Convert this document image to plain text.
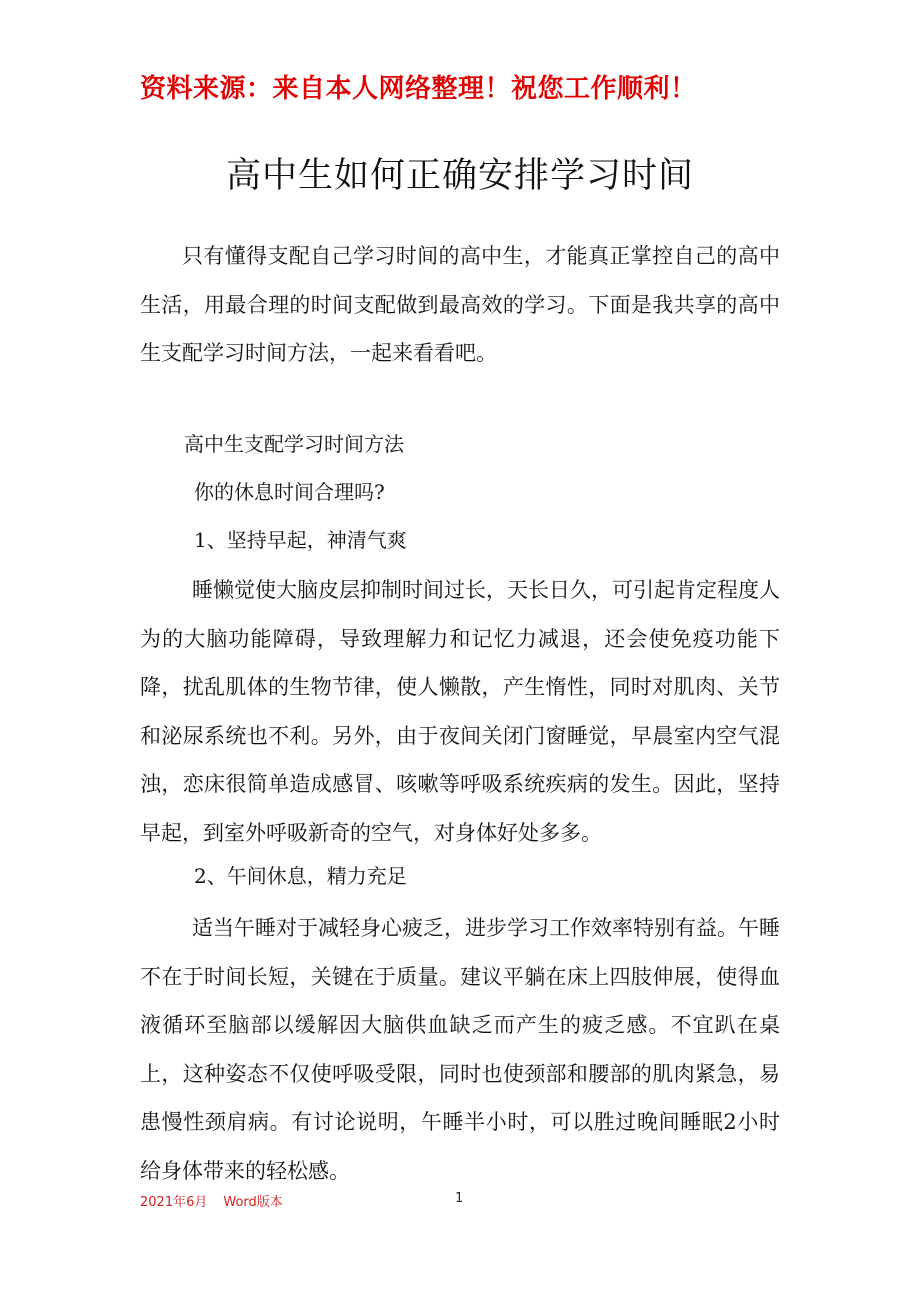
资料来源：来自本人网络整理！祝您工作顺利！
高中生如何正确安排学习时间

只有懂得支配自己学习时间的高中生，才能真正掌控自己的高中生活，用最合理的时间支配做到最高效的学习。下面是我共享的高中生支配学习时间方法，一起来看看吧。

高中生支配学习时间方法
你的休息时间合理吗?
1、坚持早起，神清气爽

睡懒觉使大脑皮层抑制时间过长，天长日久，可引起肯定程度人为的大脑功能障碍，导致理解力和记忆力减退，还会使免疫功能下降，扰乱肌体的生物节律，使人懒散，产生惰性，同时对肌肉、关节和泌尿系统也不利。另外，由于夜间关闭门窗睡觉，早晨室内空气混浊，恋床很简单造成感冒、咳嗽等呼吸系统疾病的发生。因此，坚持早起，到室外呼吸新奇的空气，对身体好处多多。

2、午间休息，精力充足

适当午睡对于减轻身心疲乏，进步学习工作效率特别有益。午睡不在于时间长短，关键在于质量。建议平躺在床上四肢伸展，使得血液循环至脑部以缓解因大脑供血缺乏而产生的疲乏感。不宜趴在桌上，这种姿态不仅使呼吸受限，同时也使颈部和腰部的肌肉紧急，易患慢性颈肩病。有讨论说明，午睡半小时，可以胜过晚间睡眠2小时给身体带来的轻松感。

2021年6月 Word版本	1
